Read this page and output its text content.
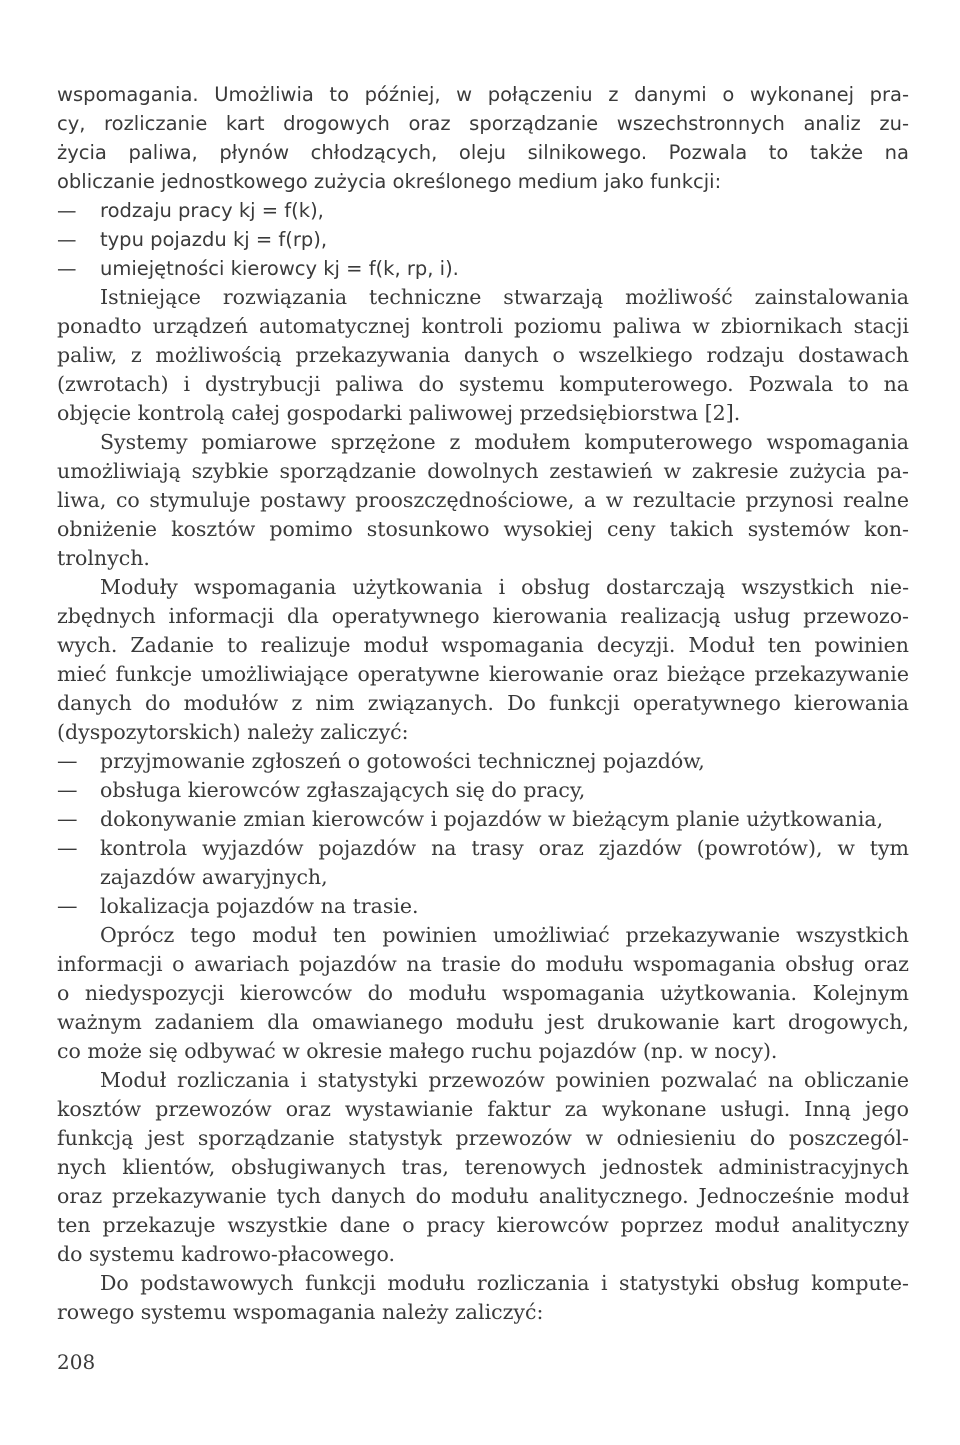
wspomagania. Umożliwia to później, w połączeniu z danymi o wykonanej pra-
cy, rozliczanie kart drogowych oraz sporządzanie wszechstronnych analiz zu-
życia paliwa, płynów chłodzących, oleju silnikowego. Pozwala to także na
obliczanie jednostkowego zużycia określonego medium jako funkcji:
— rodzaju pracy kj = f(k),
— typu pojazdu kj = f(rp),
— umiejętności kierowcy kj = f(k, rp, i).
Istniejące rozwiązania techniczne stwarzają możliwość zainstalowania
ponadto urządzeń automatycznej kontroli poziomu paliwa w zbiornikach stacji
paliw, z możliwością przekazywania danych o wszelkiego rodzaju dostawach
(zwrotach) i dystrybucji paliwa do systemu komputerowego. Pozwala to na
objęcie kontrolą całej gospodarki paliwowej przedsiębiorstwa [2].
Systemy pomiarowe sprzężone z modułem komputerowego wspomagania
umożliwiają szybkie sporządzanie dowolnych zestawień w zakresie zużycia pa-
liwa, co stymuluje postawy prooszczędnościowe, a w rezultacie przynosi realne
obniżenie kosztów pomimo stosunkowo wysokiej ceny takich systemów kon-
trolnych.
Moduły wspomagania użytkowania i obsług dostarczają wszystkich nie-
zbędnych informacji dla operatywnego kierowania realizacją usług przewozo-
wych. Zadanie to realizuje moduł wspomagania decyzji. Moduł ten powinien
mieć funkcje umożliwiające operatywne kierowanie oraz bieżące przekazywanie
danych do modułów z nim związanych. Do funkcji operatywnego kierowania
(dyspozytorskich) należy zaliczyć:
— przyjmowanie zgłoszeń o gotowości technicznej pojazdów,
— obsługa kierowców zgłaszających się do pracy,
— dokonywanie zmian kierowców i pojazdów w bieżącym planie użytkowania,
— kontrola wyjazdów pojazdów na trasy oraz zjazdów (powrotów), w tym
zajazdów awaryjnych,
— lokalizacja pojazdów na trasie.
Oprócz tego moduł ten powinien umożliwiać przekazywanie wszystkich
informacji o awariach pojazdów na trasie do modułu wspomagania obsług oraz
o niedyspozycji kierowców do modułu wspomagania użytkowania. Kolejnym
ważnym zadaniem dla omawianego modułu jest drukowanie kart drogowych,
co może się odbywać w okresie małego ruchu pojazdów (np. w nocy).
Moduł rozliczania i statystyki przewozów powinien pozwalać na obliczanie
kosztów przewozów oraz wystawianie faktur za wykonane usługi. Inną jego
funkcją jest sporządzanie statystyk przewozów w odniesieniu do poszczegól-
nych klientów, obsługiwanych tras, terenowych jednostek administracyjnych
oraz przekazywanie tych danych do modułu analitycznego. Jednocześnie moduł
ten przekazuje wszystkie dane o pracy kierowców poprzez moduł analityczny
do systemu kadrowo-płacowego.
Do podstawowych funkcji modułu rozliczania i statystyki obsług kompute-
rowego systemu wspomagania należy zaliczyć:
208
